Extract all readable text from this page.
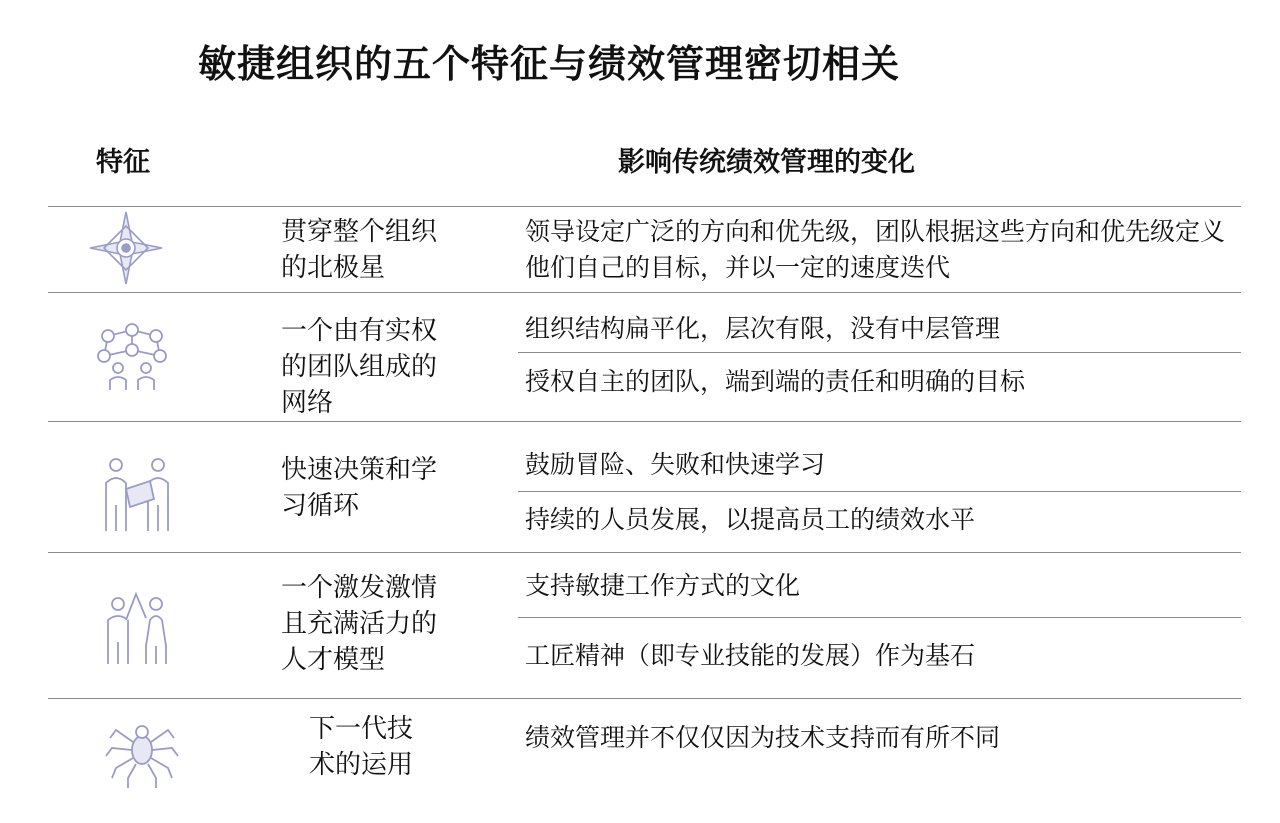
敏捷组织的五个特征与绩效管理密切相关
特征	影响传统绩效管理的变化
贯穿整个组织
的北极星
领导设定广泛的方向和优先级，团队根据这些方向和优先级定义他们自己的目标，并以一定的速度迭代
一个由有实权
的团队组成的
网络
组织结构扁平化，层次有限，没有中层管理
授权自主的团队，端到端的责任和明确的目标
快速决策和学
习循环
鼓励冒险、失败和快速学习
持续的人员发展，以提高员工的绩效水平
一个激发激情
且充满活力的
人才模型
支持敏捷工作方式的文化
工匠精神（即专业技能的发展）作为基石
下一代技
术的运用
绩效管理并不仅仅因为技术支持而有所不同
